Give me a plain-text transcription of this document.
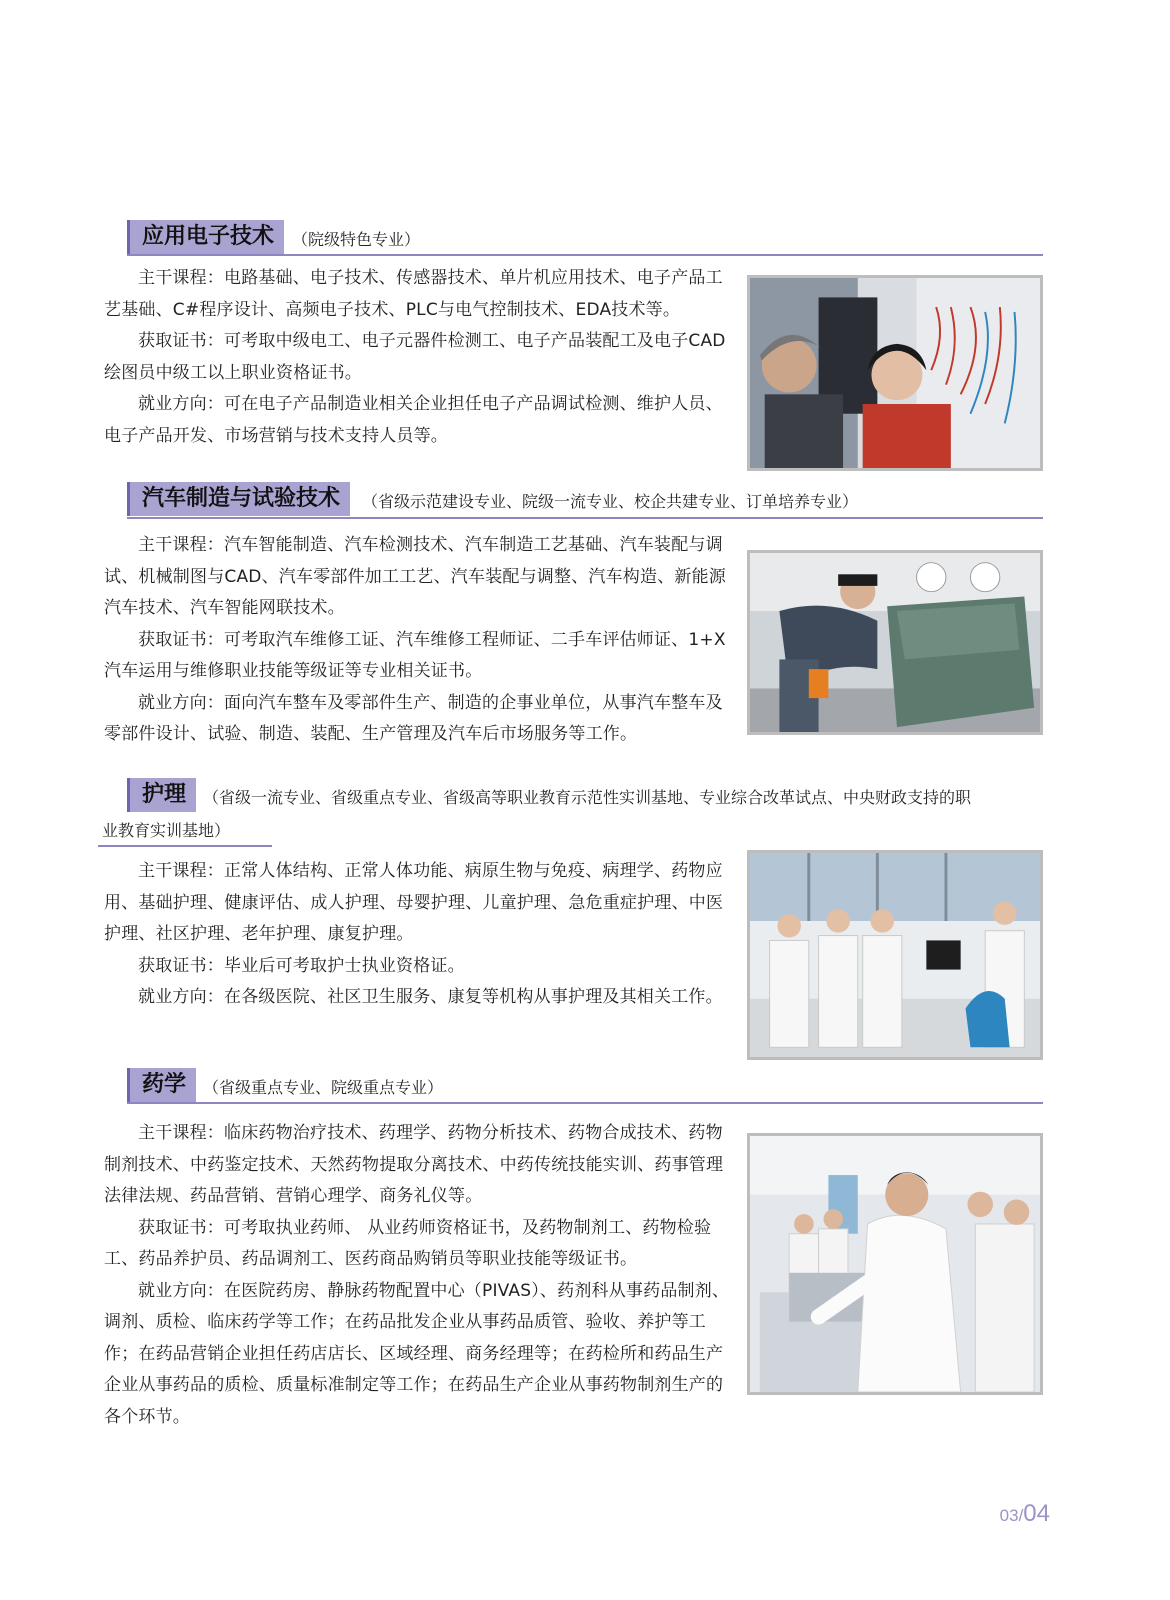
应用电子技术	（院级特色专业）

主干课程：电路基础、电子技术、传感器技术、单片机应用技术、电子产品工艺基础、C#程序设计、高频电子技术、PLC与电气控制技术、EDA技术等。

获取证书：可考取中级电工、电子元器件检测工、电子产品装配工及电子CAD绘图员中级工以上职业资格证书。

就业方向：可在电子产品制造业相关企业担任电子产品调试检测、维护人员、电子产品开发、市场营销与技术支持人员等。

汽车制造与试验技术	（省级示范建设专业、院级一流专业、校企共建专业、订单培养专业）

主干课程：汽车智能制造、汽车检测技术、汽车制造工艺基础、汽车装配与调试、机械制图与CAD、汽车零部件加工工艺、汽车装配与调整、汽车构造、新能源汽车技术、汽车智能网联技术。

获取证书：可考取汽车维修工证、汽车维修工程师证、二手车评估师证、1+X汽车运用与维修职业技能等级证等专业相关证书。

就业方向：面向汽车整车及零部件生产、制造的企事业单位，从事汽车整车及零部件设计、试验、制造、装配、生产管理及汽车后市场服务等工作。

护理	（省级一流专业、省级重点专业、省级高等职业教育示范性实训基地、专业综合改革试点、中央财政支持的职
业教育实训基地）

主干课程：正常人体结构、正常人体功能、病原生物与免疫、病理学、药物应用、基础护理、健康评估、成人护理、母婴护理、儿童护理、急危重症护理、中医护理、社区护理、老年护理、康复护理。

获取证书：毕业后可考取护士执业资格证。

就业方向：在各级医院、社区卫生服务、康复等机构从事护理及其相关工作。

药学	（省级重点专业、院级重点专业）

主干课程：临床药物治疗技术、药理学、药物分析技术、药物合成技术、药物制剂技术、中药鉴定技术、天然药物提取分离技术、中药传统技能实训、药事管理法律法规、药品营销、营销心理学、商务礼仪等。

获取证书：可考取执业药师、 从业药师资格证书，及药物制剂工、药物检验工、药品养护员、药品调剂工、医药商品购销员等职业技能等级证书。

就业方向：在医院药房、静脉药物配置中心（PIVAS）、药剂科从事药品制剂、调剂、质检、临床药学等工作；在药品批发企业从事药品质管、验收、养护等工作；在药品营销企业担任药店店长、区域经理、商务经理等；在药检所和药品生产企业从事药品的质检、质量标准制定等工作；在药品生产企业从事药物制剂生产的各个环节。

03/04
